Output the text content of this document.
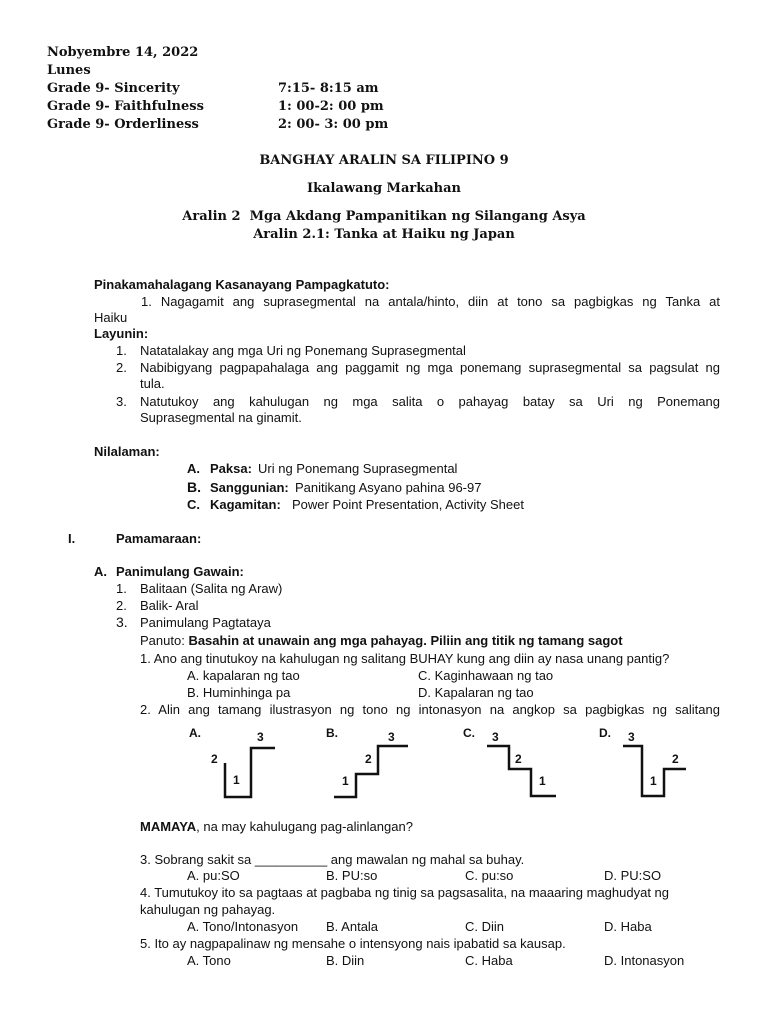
Nobyembre 14, 2022
Lunes
Grade 9- Sincerity	7:15- 8:15 am
Grade 9- Faithfulness	1: 00-2: 00 pm
Grade 9- Orderliness	2: 00- 3: 00 pm
BANGHAY ARALIN SA FILIPINO 9
Ikalawang Markahan
Aralin 2  Mga Akdang Pampanitikan ng Silangang Asya
Aralin 2.1: Tanka at Haiku ng Japan
Pinakamahalagang Kasanayang Pampagkatuto:
1. Nagagamit ang suprasegmental na antala/hinto, diin at tono sa pagbigkas ng Tanka at
Haiku
Layunin:
1. Natatalakay ang mga Uri ng Ponemang Suprasegmental
2. Nabibigyang pagpapahalaga ang paggamit ng mga ponemang suprasegmental sa pagsulat ng
tula.
3. Natutukoy ang kahulugan ng mga salita o pahayag batay sa Uri ng Ponemang
Suprasegmental na ginamit.
Nilalaman:
A. Paksa: Uri ng Ponemang Suprasegmental
B. Sanggunian: Panitikang Asyano pahina 96-97
C. Kagamitan: Power Point Presentation, Activity Sheet
I.	Pamamaraan:
A. Panimulang Gawain:
1. Balitaan (Salita ng Araw)
2. Balik- Aral
3. Panimulang Pagtataya
Panuto: Basahin at unawain ang mga pahayag. Piliin ang titik ng tamang sagot
1. Ano ang tinutukoy na kahulugan ng salitang BUHAY kung ang diin ay nasa unang pantig?
A. kapalaran ng tao	C. Kaginhawaan ng tao
B. Huminhinga pa	D. Kapalaran ng tao
2. Alin ang tamang ilustrasyon ng tono ng intonasyon na angkop sa pagbigkas ng salitang
A.	3
2
1
B.	3
2
1
C. 3
2
1
D. 3
2
1
MAMAYA, na may kahulugang pag-alinlangan?
3. Sobrang sakit sa __________ ang mawalan ng mahal sa buhay.
A. pu:SO	B. PU:so	C. pu:so	D. PU:SO
4. Tumutukoy ito sa pagtaas at pagbaba ng tinig sa pagsasalita, na maaaring maghudyat ng
kahulugan ng pahayag.
A. Tono/Intonasyon B. Antala	C. Diin	D. Haba
5. Ito ay nagpapalinaw ng mensahe o intensyong nais ipabatid sa kausap.
A. Tono	B. Diin	C. Haba	D. Intonasyon
